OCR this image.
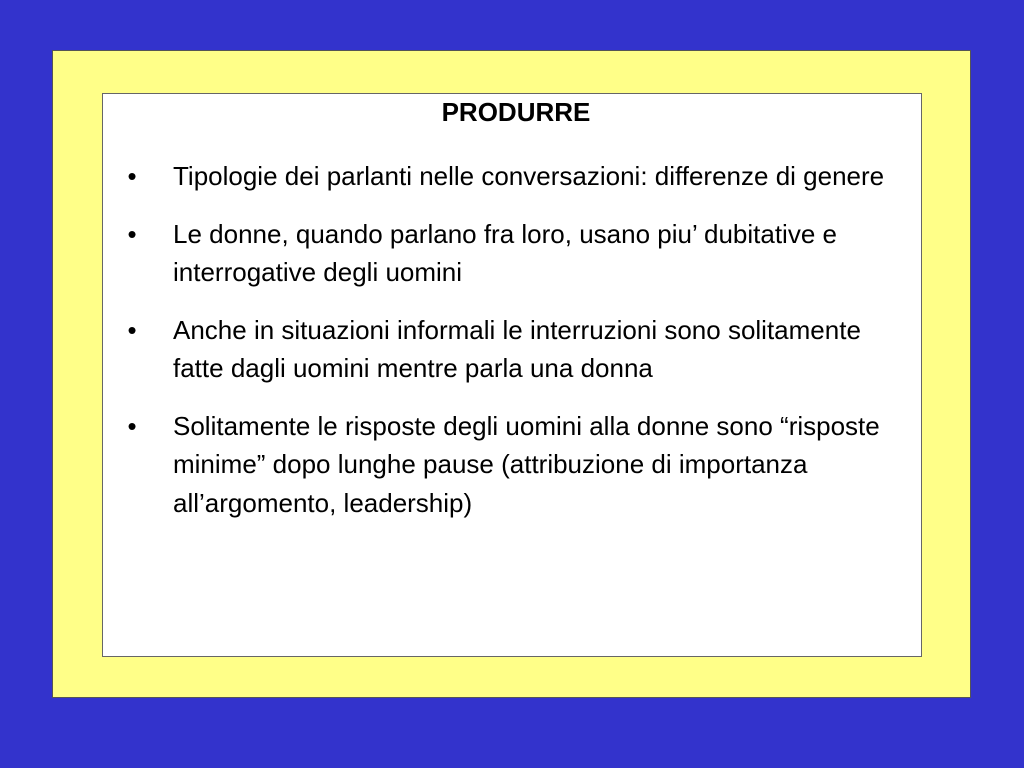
PRODURRE
• Tipologie dei parlanti nelle conversazioni: differenze di genere
• Le donne, quando parlano fra loro, usano piu’ dubitative e interrogative degli uomini
• Anche in situazioni informali le interruzioni sono solitamente fatte dagli uomini mentre parla una donna
• Solitamente le risposte degli uomini alla donne sono “risposte minime” dopo lunghe pause (attribuzione di importanza all’argomento, leadership)
